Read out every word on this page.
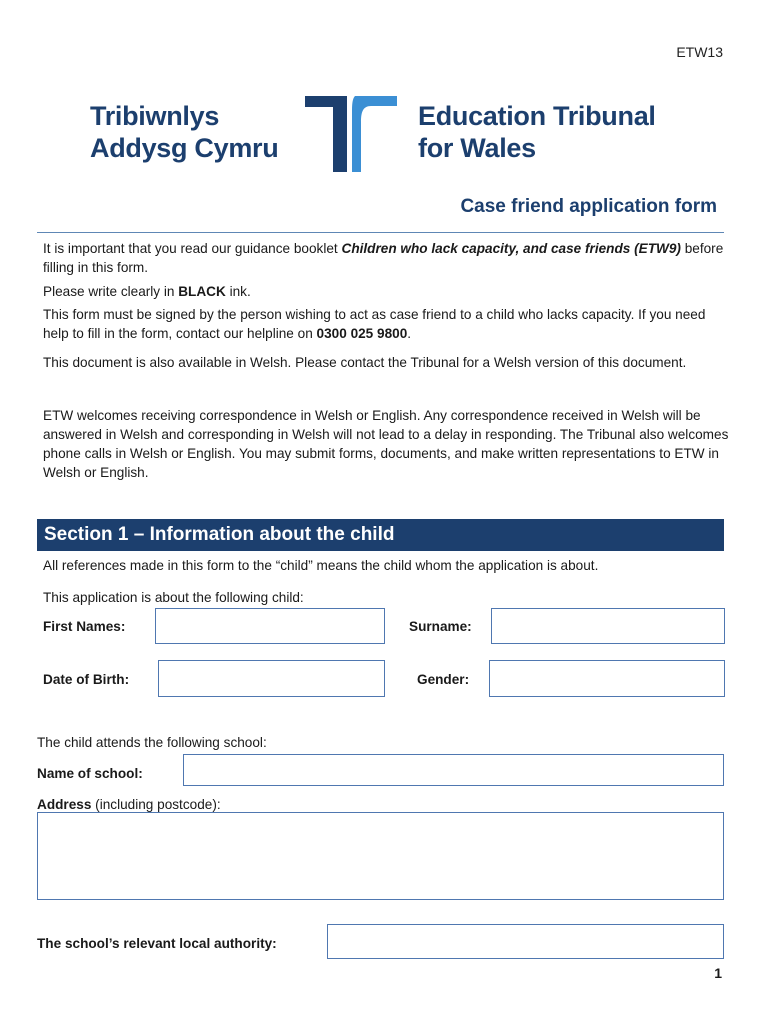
ETW13
Tribiwnlys
Addysg Cymru
Education Tribunal
for Wales
Case friend application form

It is important that you read our guidance booklet Children who lack capacity, and case friends (ETW9) before filling in this form.

Please write clearly in BLACK ink.

This form must be signed by the person wishing to act as case friend to a child who lacks capacity. If you need help to fill in the form, contact our helpline on 0300 025 9800.

This document is also available in Welsh. Please contact the Tribunal for a Welsh version of this document.

ETW welcomes receiving correspondence in Welsh or English. Any correspondence received in Welsh will be answered in Welsh and corresponding in Welsh will not lead to a delay in responding. The Tribunal also welcomes phone calls in Welsh or English. You may submit forms, documents, and make written representations to ETW in Welsh or English.

Section 1 – Information about the child

All references made in this form to the “child” means the child whom the application is about.

This application is about the following child:

First Names:	Surname:
Date of Birth:	Gender:

The child attends the following school:

Name of school:
Address (including postcode):
The school’s relevant local authority:
1
